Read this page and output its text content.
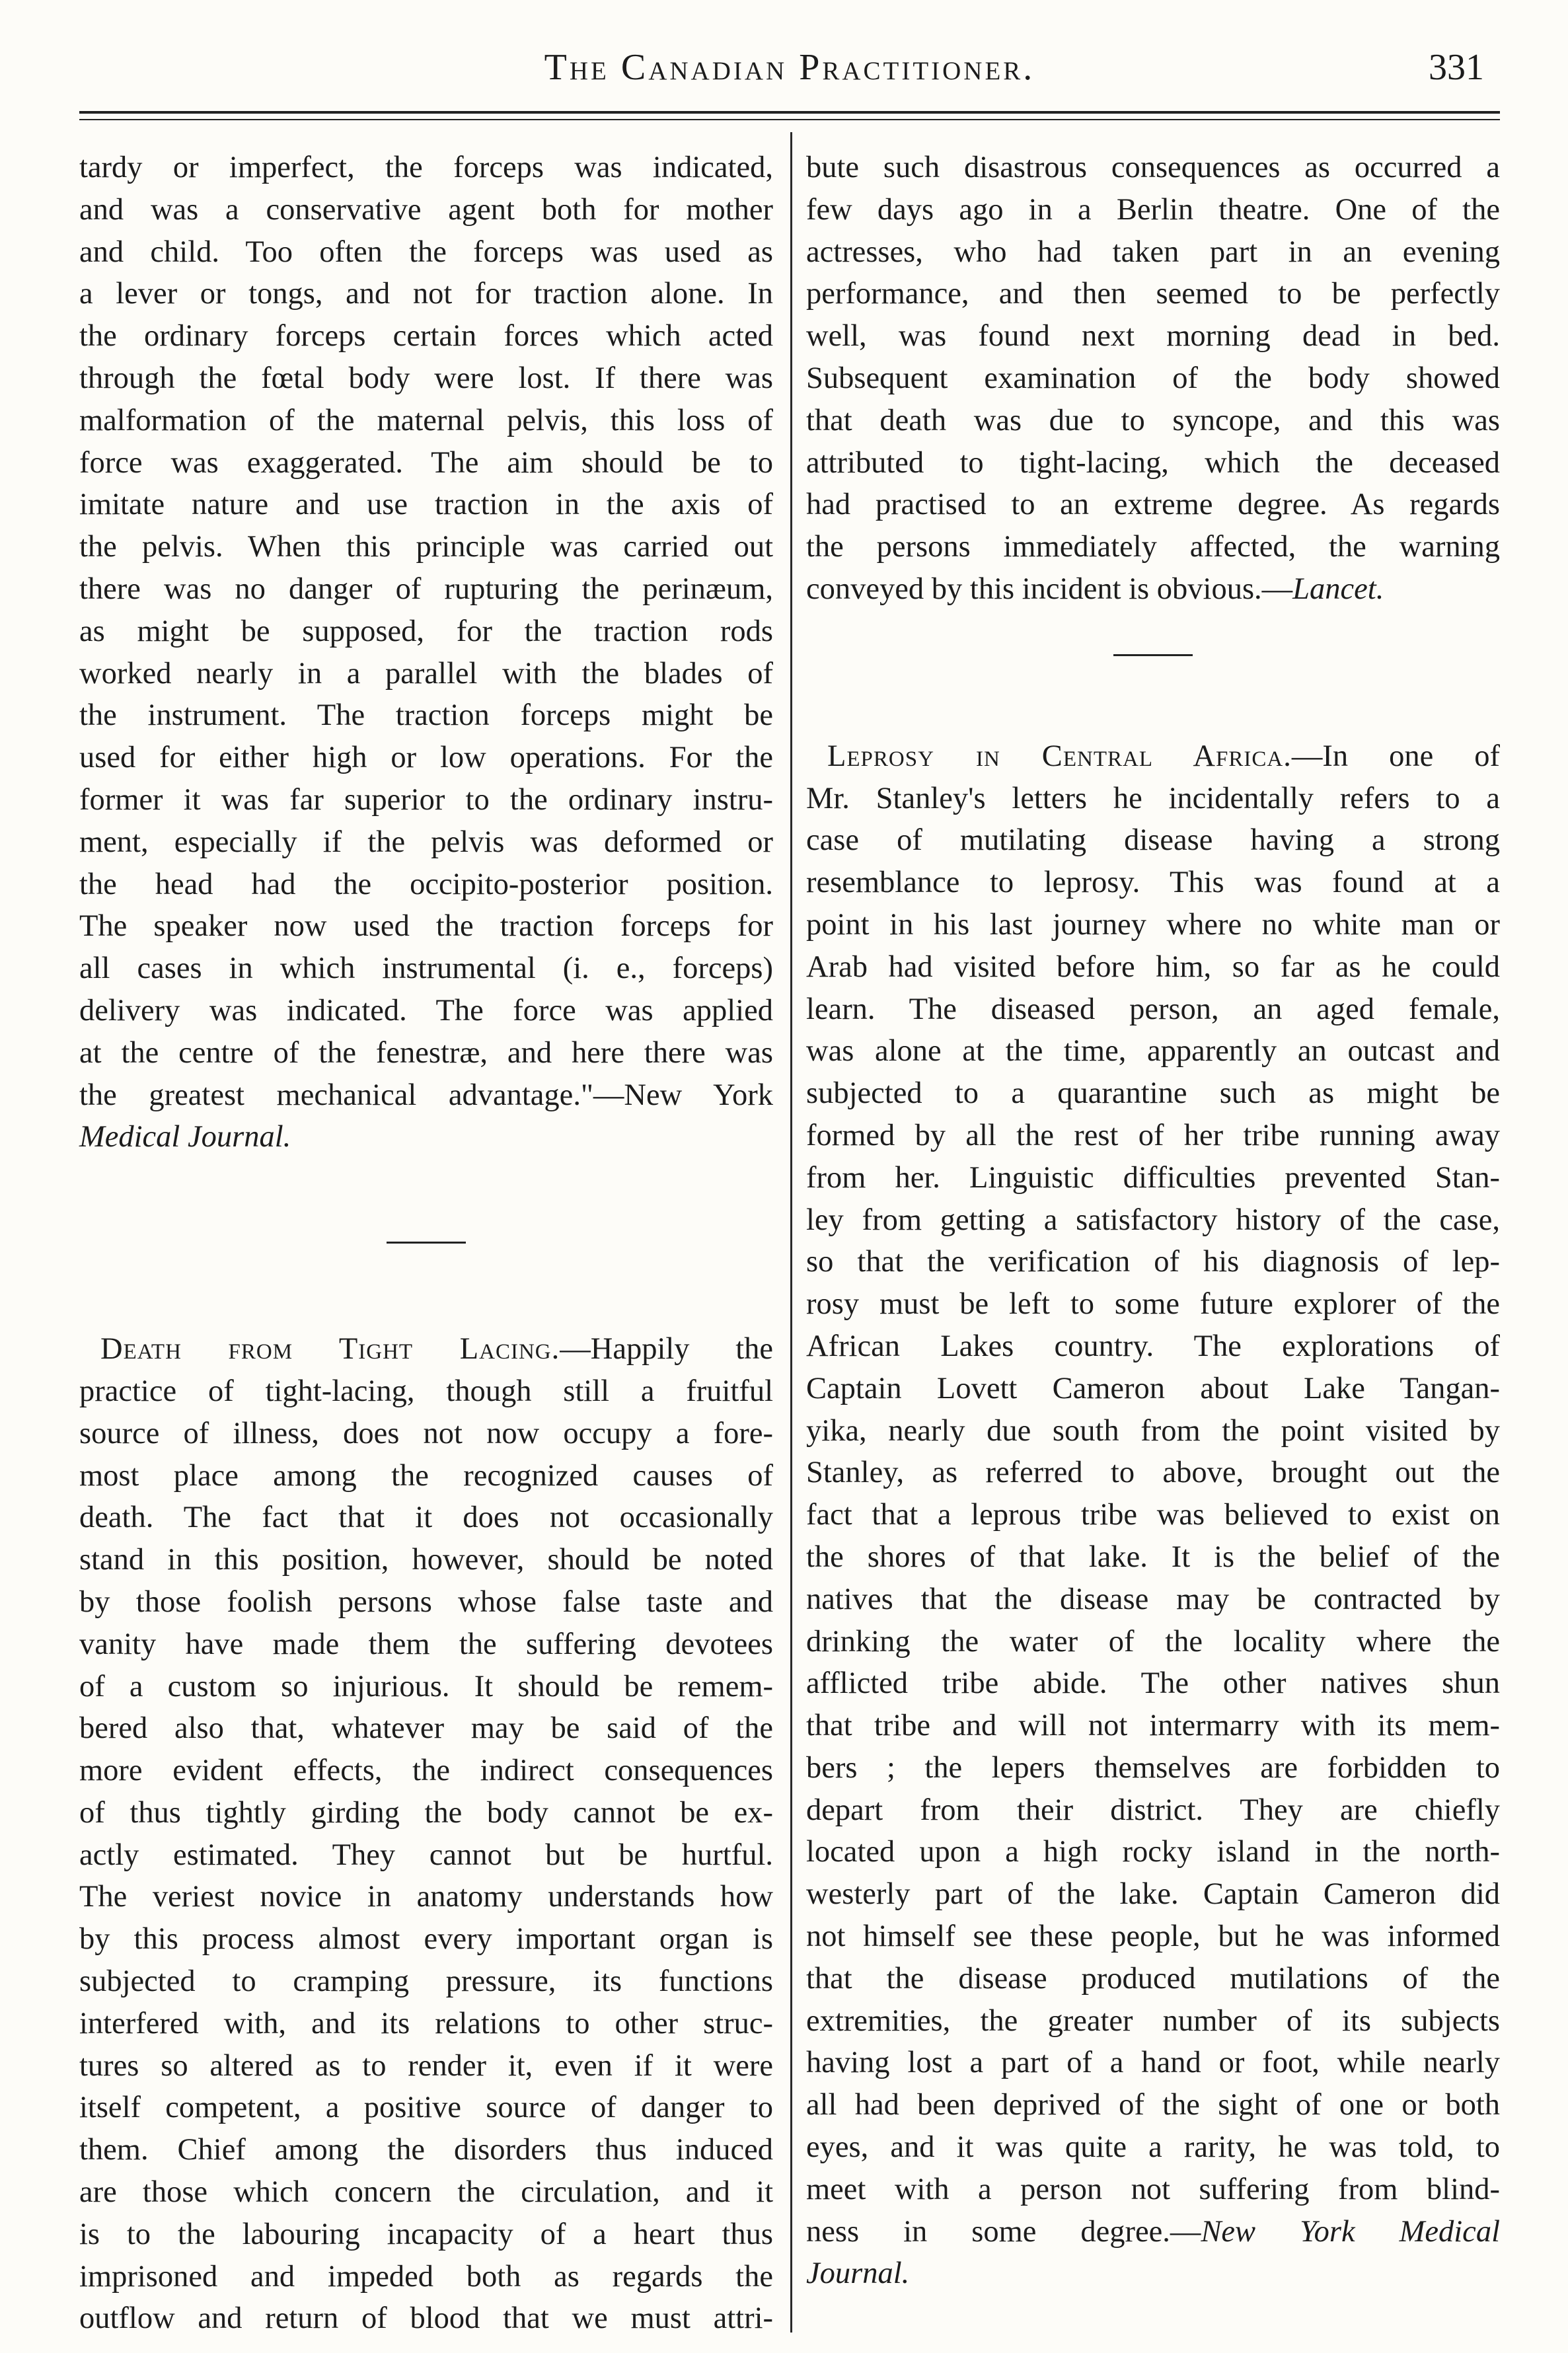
The Canadian Practitioner.	331
tardy or imperfect, the forceps was indicated,
and was a conservative agent both for mother
and child. Too often the forceps was used as
a lever or tongs, and not for traction alone. In
the ordinary forceps certain forces which acted
through the fœtal body were lost. If there was
malformation of the maternal pelvis, this loss of
force was exaggerated. The aim should be to
imitate nature and use traction in the axis of
the pelvis. When this principle was carried out
there was no danger of rupturing the perinæum,
as might be supposed, for the traction rods
worked nearly in a parallel with the blades of
the instrument. The traction forceps might be
used for either high or low operations. For the
former it was far superior to the ordinary instru-
ment, especially if the pelvis was deformed or
the head had the occipito-posterior position.
The speaker now used the traction forceps for
all cases in which instrumental (i. e., forceps)
delivery was indicated. The force was applied
at the centre of the fenestræ, and here there was
the greatest mechanical advantage."—New York
Medical Journal.
Death from Tight Lacing.—Happily the
practice of tight-lacing, though still a fruitful
source of illness, does not now occupy a fore-
most place among the recognized causes of
death. The fact that it does not occasionally
stand in this position, however, should be noted
by those foolish persons whose false taste and
vanity have made them the suffering devotees
of a custom so injurious. It should be remem-
bered also that, whatever may be said of the
more evident effects, the indirect consequences
of thus tightly girding the body cannot be ex-
actly estimated. They cannot but be hurtful.
The veriest novice in anatomy understands how
by this process almost every important organ is
subjected to cramping pressure, its functions
interfered with, and its relations to other struc-
tures so altered as to render it, even if it were
itself competent, a positive source of danger to
them. Chief among the disorders thus induced
are those which concern the circulation, and it
is to the labouring incapacity of a heart thus
imprisoned and impeded both as regards the
outflow and return of blood that we must attri-
bute such disastrous consequences as occurred a
few days ago in a Berlin theatre. One of the
actresses, who had taken part in an evening
performance, and then seemed to be perfectly
well, was found next morning dead in bed.
Subsequent examination of the body showed
that death was due to syncope, and this was
attributed to tight-lacing, which the deceased
had practised to an extreme degree. As regards
the persons immediately affected, the warning
conveyed by this incident is obvious.—Lancet.
Leprosy in Central Africa.—In one of
Mr. Stanley's letters he incidentally refers to a
case of mutilating disease having a strong
resemblance to leprosy. This was found at a
point in his last journey where no white man or
Arab had visited before him, so far as he could
learn. The diseased person, an aged female,
was alone at the time, apparently an outcast and
subjected to a quarantine such as might be
formed by all the rest of her tribe running away
from her. Linguistic difficulties prevented Stan-
ley from getting a satisfactory history of the case,
so that the verification of his diagnosis of lep-
rosy must be left to some future explorer of the
African Lakes country. The explorations of
Captain Lovett Cameron about Lake Tangan-
yika, nearly due south from the point visited by
Stanley, as referred to above, brought out the
fact that a leprous tribe was believed to exist on
the shores of that lake. It is the belief of the
natives that the disease may be contracted by
drinking the water of the locality where the
afflicted tribe abide. The other natives shun
that tribe and will not intermarry with its mem-
bers ; the lepers themselves are forbidden to
depart from their district. They are chiefly
located upon a high rocky island in the north-
westerly part of the lake. Captain Cameron did
not himself see these people, but he was informed
that the disease produced mutilations of the
extremities, the greater number of its subjects
having lost a part of a hand or foot, while nearly
all had been deprived of the sight of one or both
eyes, and it was quite a rarity, he was told, to
meet with a person not suffering from blind-
ness in some degree.—New York Medical
Journal.
